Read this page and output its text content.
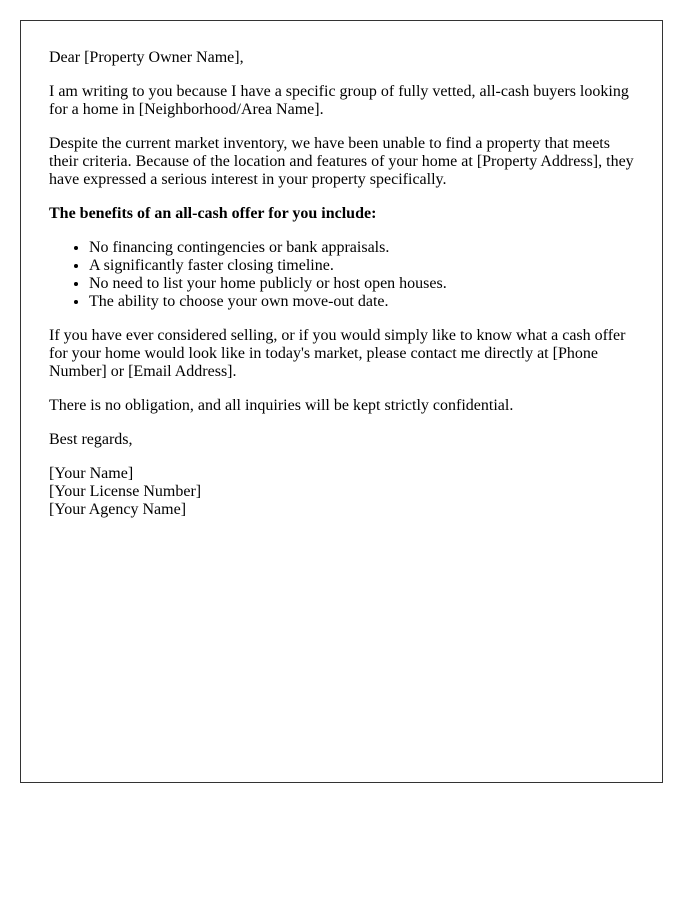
Dear [Property Owner Name],

I am writing to you because I have a specific group of fully vetted, all-cash buyers looking for a home in [Neighborhood/Area Name].

Despite the current market inventory, we have been unable to find a property that meets their criteria. Because of the location and features of your home at [Property Address], they have expressed a serious interest in your property specifically.

The benefits of an all-cash offer for you include:

• No financing contingencies or bank appraisals.
• A significantly faster closing timeline.
• No need to list your home publicly or host open houses.
• The ability to choose your own move-out date.

If you have ever considered selling, or if you would simply like to know what a cash offer for your home would look like in today's market, please contact me directly at [Phone Number] or [Email Address].

There is no obligation, and all inquiries will be kept strictly confidential.

Best regards,

[Your Name]

[Your License Number]

[Your Agency Name]
